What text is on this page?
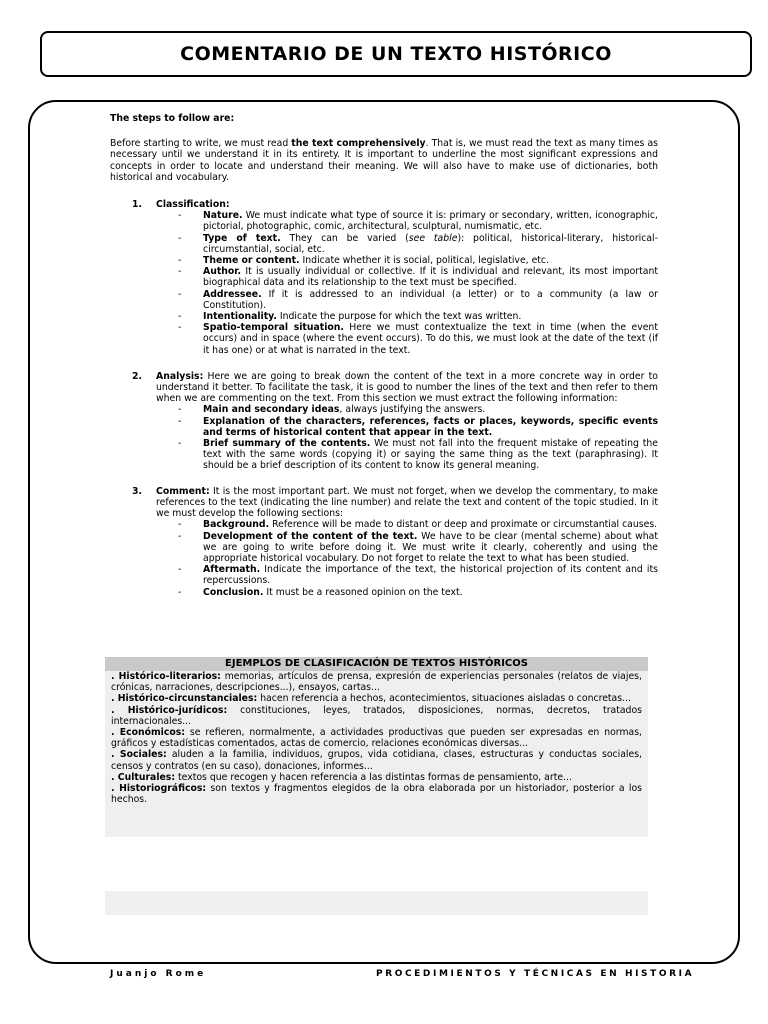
COMENTARIO DE UN TEXTO HISTÓRICO

The steps to follow are:

Before starting to write, we must read the text comprehensively. That is, we must read the text as many times as necessary until we understand it in its entirety. It is important to underline the most significant expressions and concepts in order to locate and understand their meaning. We will also have to make use of dictionaries, both historical and vocabulary.

1. Classification:
- Nature. We must indicate what type of source it is: primary or secondary, written, iconographic, pictorial, photographic, comic, architectural, sculptural, numismatic, etc.
- Type of text. They can be varied (see table): political, historical-literary, historical-circumstantial, social, etc.
- Theme or content. Indicate whether it is social, political, legislative, etc.
- Author. It is usually individual or collective. If it is individual and relevant, its most important biographical data and its relationship to the text must be specified.
- Addressee. If it is addressed to an individual (a letter) or to a community (a law or Constitution).
- Intentionality. Indicate the purpose for which the text was written.
- Spatio-temporal situation. Here we must contextualize the text in time (when the event occurs) and in space (where the event occurs). To do this, we must look at the date of the text (if it has one) or at what is narrated in the text.
2. Analysis: Here we are going to break down the content of the text in a more concrete way in order to understand it better. To facilitate the task, it is good to number the lines of the text and then refer to them when we are commenting on the text. From this section we must extract the following information:
- Main and secondary ideas, always justifying the answers.
- Explanation of the characters, references, facts or places, keywords, specific events and terms of historical content that appear in the text.
- Brief summary of the contents. We must not fall into the frequent mistake of repeating the text with the same words (copying it) or saying the same thing as the text (paraphrasing). It should be a brief description of its content to know its general meaning.
3. Comment: It is the most important part. We must not forget, when we develop the commentary, to make references to the text (indicating the line number) and relate the text and content of the topic studied. In it we must develop the following sections:
- Background. Reference will be made to distant or deep and proximate or circumstantial causes.
- Development of the content of the text. We have to be clear (mental scheme) about what we are going to write before doing it. We must write it clearly, coherently and using the appropriate historical vocabulary. Do not forget to relate the text to what has been studied.
- Aftermath. Indicate the importance of the text, the historical projection of its content and its repercussions.
- Conclusion. It must be a reasoned opinion on the text.
EJEMPLOS DE CLASIFICACIÓN DE TEXTOS HISTÓRICOS

. Histórico-literarios: memorias, artículos de prensa, expresión de experiencias personales (relatos de viajes, crónicas, narraciones, descripciones...), ensayos, cartas...

. Histórico-circunstanciales: hacen referencia a hechos, acontecimientos, situaciones aisladas o concretas...

. Histórico-jurídicos: constituciones, leyes, tratados, disposiciones, normas, decretos, tratados internacionales...

. Económicos: se refieren, normalmente, a actividades productivas que pueden ser expresadas en normas, gráficos y estadísticas comentados, actas de comercio, relaciones económicas diversas...

. Sociales: aluden a la familia, individuos, grupos, vida cotidiana, clases, estructuras y conductas sociales, censos y contratos (en su caso), donaciones, informes...

. Culturales: textos que recogen y hacen referencia a las distintas formas de pensamiento, arte...

. Historiográficos: son textos y fragmentos elegidos de la obra elaborada por un historiador, posterior a los hechos.

Juanjo Rome	PROCEDIMIENTOS Y TÉCNICAS EN HISTORIA
